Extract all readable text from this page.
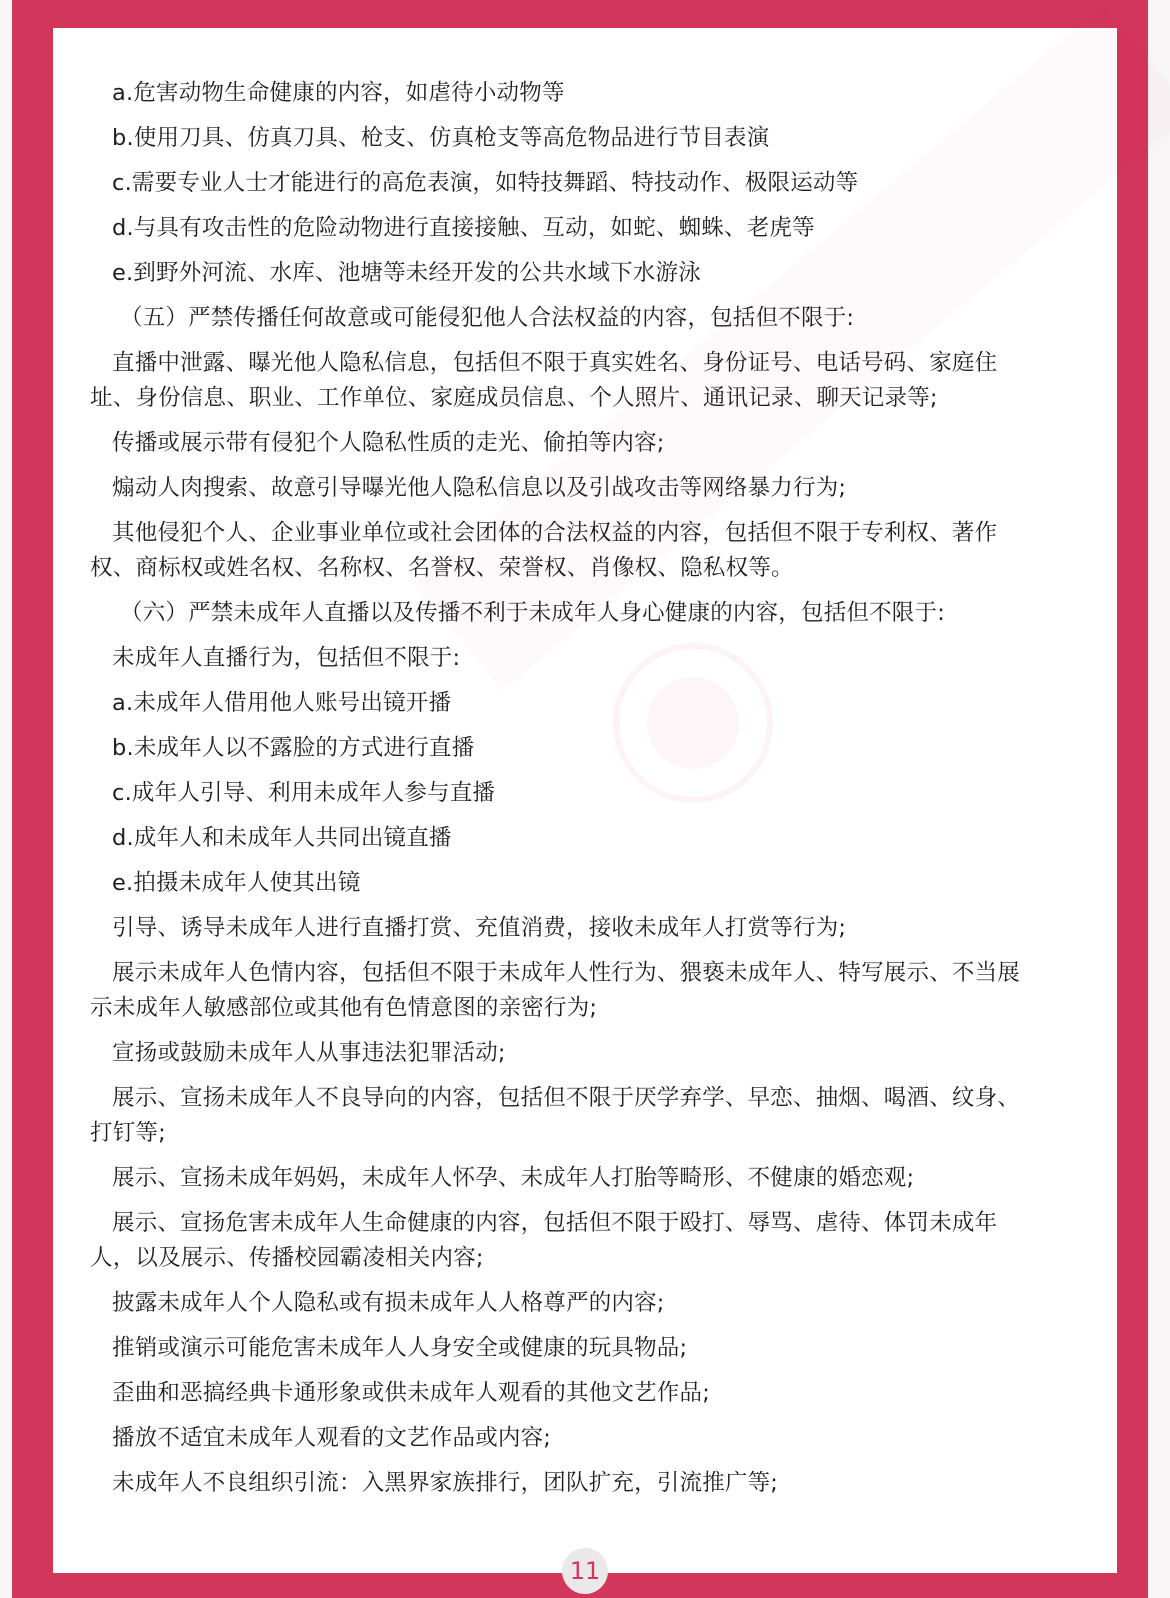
a.危害动物生命健康的内容，如虐待小动物等

b.使用刀具、仿真刀具、枪支、仿真枪支等高危物品进行节目表演

c.需要专业人士才能进行的高危表演，如特技舞蹈、特技动作、极限运动等

d.与具有攻击性的危险动物进行直接接触、互动，如蛇、蜘蛛、老虎等

e.到野外河流、水库、池塘等未经开发的公共水域下水游泳

（五）严禁传播任何故意或可能侵犯他人合法权益的内容，包括但不限于:

直播中泄露、曝光他人隐私信息，包括但不限于真实姓名、身份证号、电话号码、家庭住址、身份信息、职业、工作单位、家庭成员信息、个人照片、通讯记录、聊天记录等;

传播或展示带有侵犯个人隐私性质的走光、偷拍等内容;

煽动人肉搜索、故意引导曝光他人隐私信息以及引战攻击等网络暴力行为;

其他侵犯个人、企业事业单位或社会团体的合法权益的内容，包括但不限于专利权、著作权、商标权或姓名权、名称权、名誉权、荣誉权、肖像权、隐私权等。

（六）严禁未成年人直播以及传播不利于未成年人身心健康的内容，包括但不限于:

未成年人直播行为，包括但不限于:

a.未成年人借用他人账号出镜开播

b.未成年人以不露脸的方式进行直播

c.成年人引导、利用未成年人参与直播

d.成年人和未成年人共同出镜直播

e.拍摄未成年人使其出镜

引导、诱导未成年人进行直播打赏、充值消费，接收未成年人打赏等行为;

展示未成年人色情内容，包括但不限于未成年人性行为、猥亵未成年人、特写展示、不当展示未成年人敏感部位或其他有色情意图的亲密行为;

宣扬或鼓励未成年人从事违法犯罪活动;

展示、宣扬未成年人不良导向的内容，包括但不限于厌学弃学、早恋、抽烟、喝酒、纹身、打钉等;

展示、宣扬未成年妈妈，未成年人怀孕、未成年人打胎等畸形、不健康的婚恋观;

展示、宣扬危害未成年人生命健康的内容，包括但不限于殴打、辱骂、虐待、体罚未成年人，以及展示、传播校园霸凌相关内容;

披露未成年人个人隐私或有损未成年人人格尊严的内容;

推销或演示可能危害未成年人人身安全或健康的玩具物品;

歪曲和恶搞经典卡通形象或供未成年人观看的其他文艺作品;

播放不适宜未成年人观看的文艺作品或内容;

未成年人不良组织引流：入黑界家族排行，团队扩充，引流推广等;

11
